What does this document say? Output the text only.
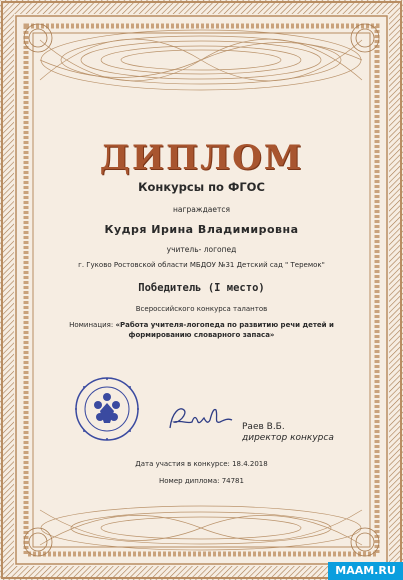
ДИПЛОМ
Конкурсы по ФГОС
награждается
Кудря Ирина Владимировна
учитель- логопед
г. Гуково Ростовской области МБДОУ №31 Детский сад " Теремок"
Победитель (I место)
Всероссийского конкурса талантов
Номинация: «Работа учителя-логопеда по развитию речи детей и формированию словарного запаса»
Раев В.Б.
директор конкурса
Дата участия в конкурсе: 18.4.2018
Номер диплома: 74781
MAAM.RU
